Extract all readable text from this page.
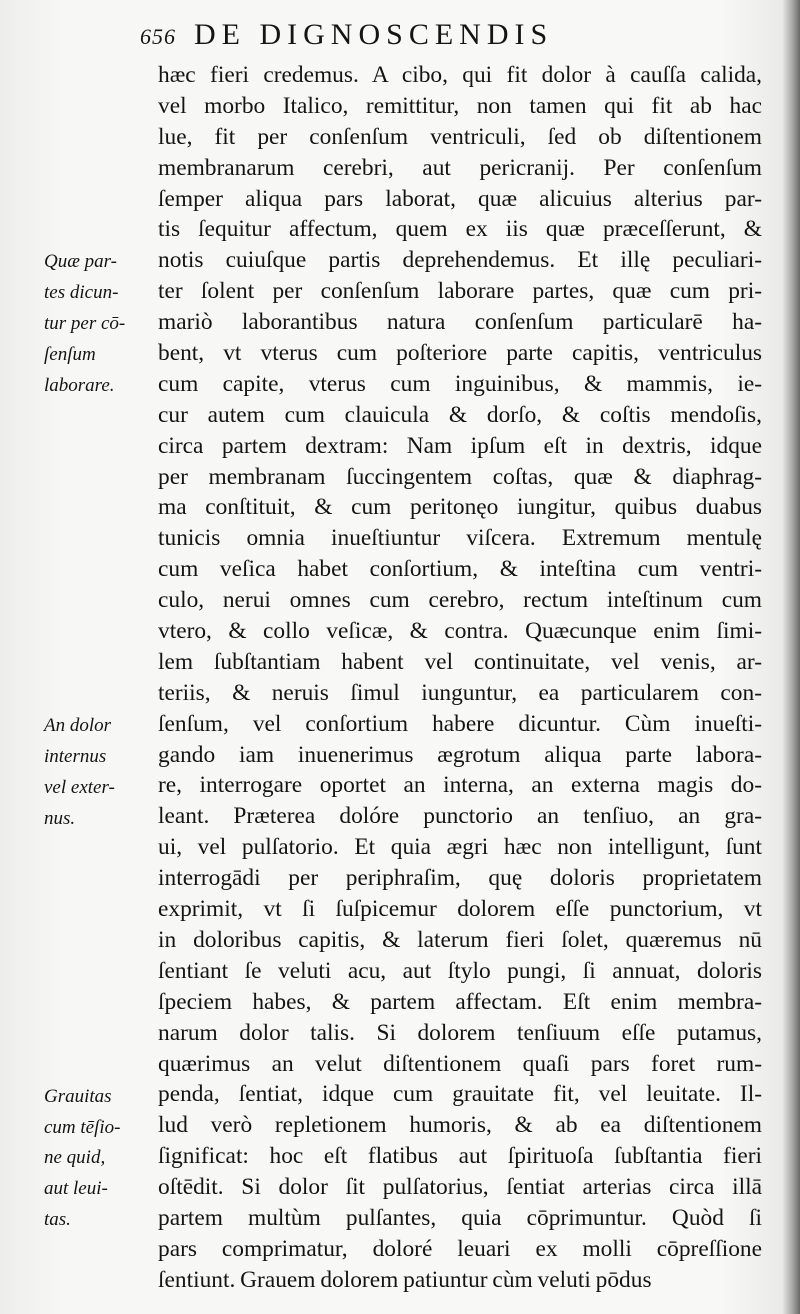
656 DE DIGNOSCENDIS
Quæ par-
tes dicun-
tur per cō-
ſenſum
laborare.
An dolor
internus
vel exter-
nus.
Grauitas
cum tēſio-
ne quid,
aut leui-
tas.
hæc fieri credemus. A cibo, qui fit dolor à cauſſa calida,
vel morbo Italico, remittitur, non tamen qui fit ab hac
lue, fit per conſenſum ventriculi, ſed ob diſtentionem
membranarum cerebri, aut pericranij. Per conſenſum
ſemper aliqua pars laborat, quæ alicuius alterius par-
tis ſequitur affectum, quem ex iis quæ præceſſerunt, &
notis cuiuſque partis deprehendemus. Et illę peculiari-
ter ſolent per conſenſum laborare partes, quæ cum pri-
mariò laborantibus natura conſenſum particularē ha-
bent, vt vterus cum poſteriore parte capitis, ventriculus
cum capite, vterus cum inguinibus, & mammis, ie-
cur autem cum clauicula & dorſo, & coſtis mendoſis,
circa partem dextram: Nam ipſum eſt in dextris, idque
per membranam ſuccingentem coſtas, quæ & diaphrag-
ma conſtituit, & cum peritonęo iungitur, quibus duabus
tunicis omnia inueſtiuntur viſcera. Extremum mentulę
cum veſica habet conſortium, & inteſtina cum ventri-
culo, nerui omnes cum cerebro, rectum inteſtinum cum
vtero, & collo veſicæ, & contra. Quæcunque enim ſimi-
lem ſubſtantiam habent vel continuitate, vel venis, ar-
teriis, & neruis ſimul iunguntur, ea particularem con-
ſenſum, vel conſortium habere dicuntur. Cùm inueſti-
gando iam inuenerimus ægrotum aliqua parte labora-
re, interrogare oportet an interna, an externa magis do-
leant. Præterea dolóre punctorio an tenſiuo, an gra-
ui, vel pulſatorio. Et quia ægri hæc non intelligunt, ſunt
interrogādi per periphraſim, quę doloris proprietatem
exprimit, vt ſi ſuſpicemur dolorem eſſe punctorium, vt
in doloribus capitis, & laterum fieri ſolet, quæremus nū
ſentiant ſe veluti acu, aut ſtylo pungi, ſi annuat, doloris
ſpeciem habes, & partem affectam. Eſt enim membra-
narum dolor talis. Si dolorem tenſiuum eſſe putamus,
quærimus an velut diſtentionem quaſi pars foret rum-
penda, ſentiat, idque cum grauitate fit, vel leuitate. Il-
lud verò repletionem humoris, & ab ea diſtentionem
ſignificat: hoc eſt flatibus aut ſpirituoſa ſubſtantia fieri
oſtēdit. Si dolor ſit pulſatorius, ſentiat arterias circa illā
partem multùm pulſantes, quia cōprimuntur. Quòd ſi
pars comprimatur, doloré leuari ex molli cōpreſſione
ſentiunt. Grauem dolorem patiuntur cùm veluti pōdus
